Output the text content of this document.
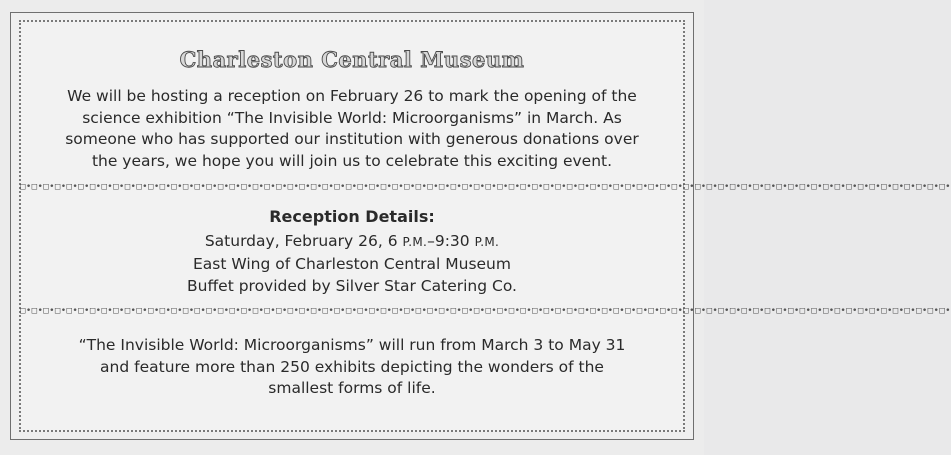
Charleston Central Museum
We will be hosting a reception on February 26 to mark the opening of the science exhibition “The Invisible World: Microorganisms” in March. As someone who has supported our institution with generous donations over the years, we hope you will join us to celebrate this exciting event.
□•□•□•□•□•□•□•□•□•□•□•□•□•□•□•□•□•□•□•□•□•□•□•□•□•□•□•□•□•□•□•□•□•□•□•□•□•□•□•□•□•□•□•□•□•□•□•□•□•□•□•□•□•□•□•□•□•□•□•□•□•□•□•□•□•□•□•□•□•□•□•□•□•□•□•□•□•□•□•□•
Reception Details:
Saturday, February 26, 6 P.M.–9:30 P.M.
East Wing of Charleston Central Museum
Buffet provided by Silver Star Catering Co.
□•□•□•□•□•□•□•□•□•□•□•□•□•□•□•□•□•□•□•□•□•□•□•□•□•□•□•□•□•□•□•□•□•□•□•□•□•□•□•□•□•□•□•□•□•□•□•□•□•□•□•□•□•□•□•□•□•□•□•□•□•□•□•□•□•□•□•□•□•□•□•□•□•□•□•□•□•□•□•□•
“The Invisible World: Microorganisms” will run from March 3 to May 31 and feature more than 250 exhibits depicting the wonders of the smallest forms of life.
